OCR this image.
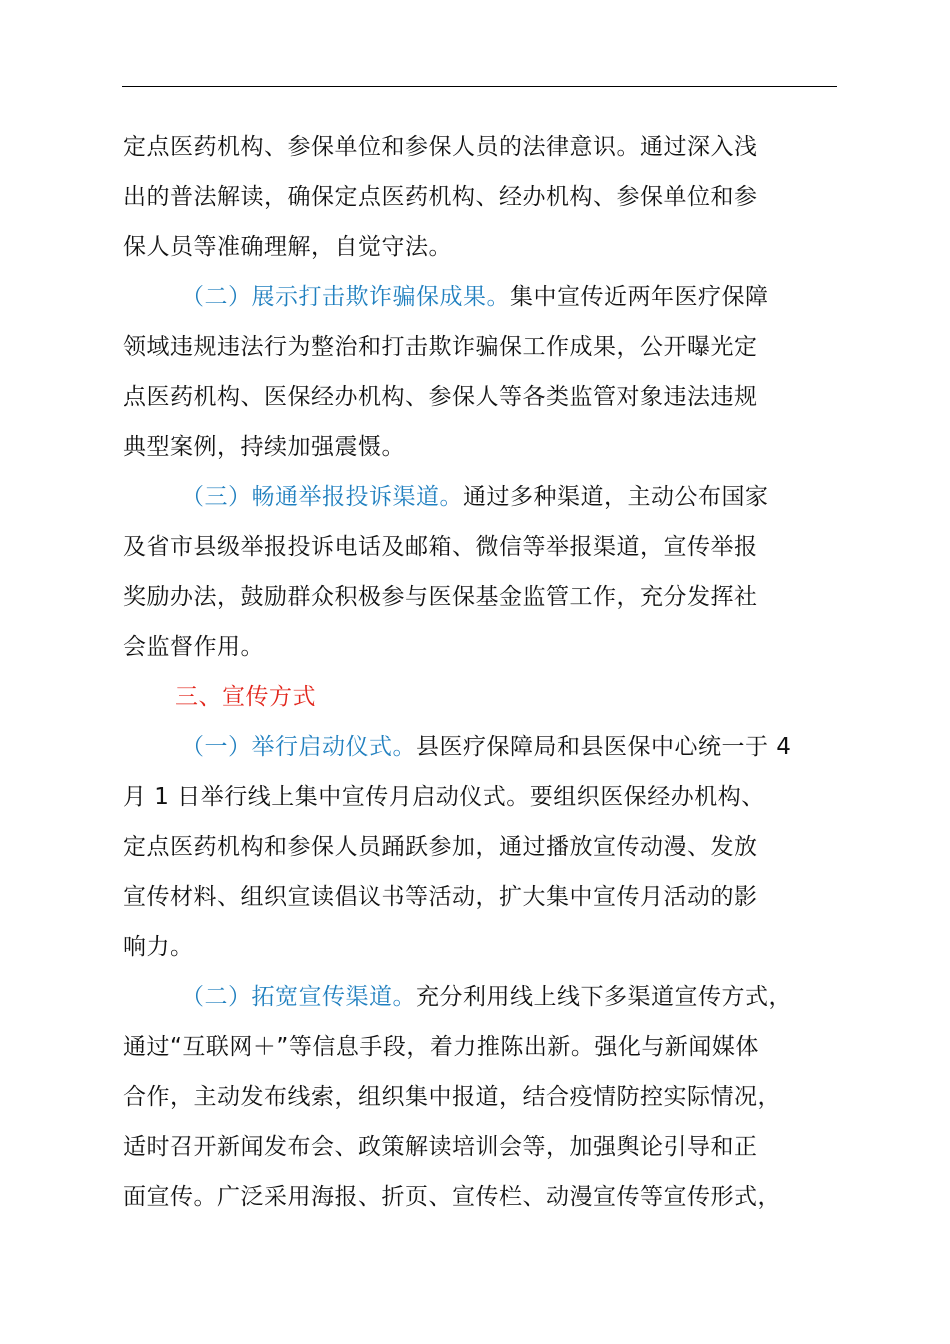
定点医药机构、参保单位和参保人员的法律意识。通过深入浅

出的普法解读，确保定点医药机构、经办机构、参保单位和参

保人员等准确理解，自觉守法。

（二）展示打击欺诈骗保成果。集中宣传近两年医疗保障

领域违规违法行为整治和打击欺诈骗保工作成果，公开曝光定

点医药机构、医保经办机构、参保人等各类监管对象违法违规

典型案例，持续加强震慑。

（三）畅通举报投诉渠道。通过多种渠道，主动公布国家

及省市县级举报投诉电话及邮箱、微信等举报渠道，宣传举报

奖励办法，鼓励群众积极参与医保基金监管工作，充分发挥社

会监督作用。

三、宣传方式

（一）举行启动仪式。县医疗保障局和县医保中心统一于 4

月 1 日举行线上集中宣传月启动仪式。要组织医保经办机构、

定点医药机构和参保人员踊跃参加，通过播放宣传动漫、发放

宣传材料、组织宣读倡议书等活动，扩大集中宣传月活动的影

响力。

（二）拓宽宣传渠道。充分利用线上线下多渠道宣传方式，

通过“互联网＋”等信息手段，着力推陈出新。强化与新闻媒体

合作，主动发布线索，组织集中报道，结合疫情防控实际情况，

适时召开新闻发布会、政策解读培训会等，加强舆论引导和正

面宣传。广泛采用海报、折页、宣传栏、动漫宣传等宣传形式，
